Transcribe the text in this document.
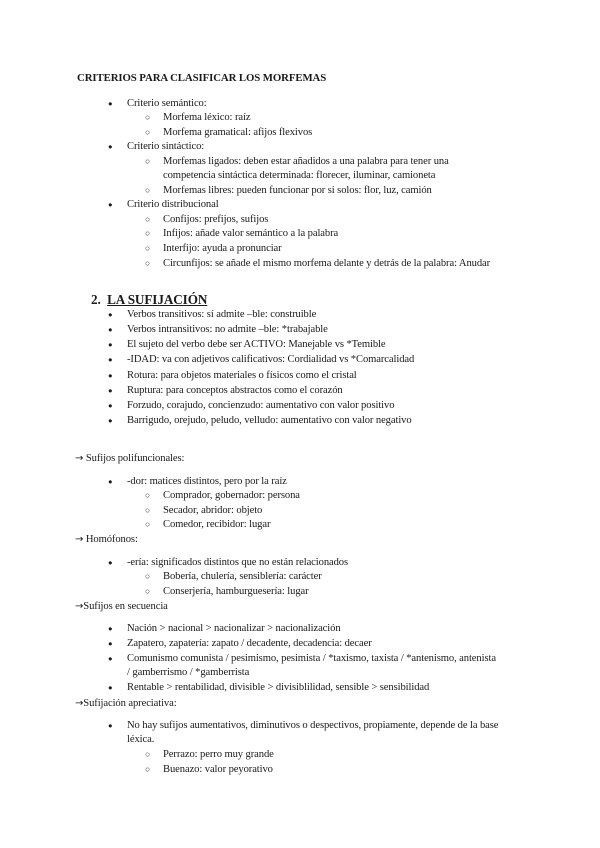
CRITERIOS PARA CLASIFICAR LOS MORFEMAS
● Criterio semántico:
○ Morfema léxico: raíz
○ Morfema gramatical: afijos flexivos
● Criterio sintáctico:
○ Morfemas ligados: deben estar añadidos a una palabra para tener una
competencia sintáctica determinada: florecer, iluminar, camioneta
○ Morfemas libres: pueden funcionar por si solos: flor, luz, camión
● Criterio distribucional
○ Confijos: prefijos, sufijos
○ Infijos: añade valor semántico a la palabra
○ Interfijo: ayuda a pronunciar
○ Circunfijos: se añade el mismo morfema delante y detrás de la palabra: Anudar
2. LA SUFIJACIÓN
● Verbos transitivos: sí admite –ble: construible
● Verbos intransitivos: no admite –ble: *trabajable
● El sujeto del verbo debe ser ACTIVO: Manejable vs *Temible
● -IDAD: va con adjetivos calificativos: Cordialidad vs *Comarcalidad
● Rotura: para objetos materiales o físicos como el cristal
● Ruptura: para conceptos abstractos como el corazón
● Forzudo, corajudo, concienzudo: aumentativo con valor positivo
● Barrigudo, orejudo, peludo, velludo: aumentativo con valor negativo
→ Sufijos polifuncionales:
● -dor: matices distintos, pero por la raíz
○ Comprador, gobernador: persona
○ Secador, abridor: objeto
○ Comedor, recibidor: lugar
→ Homófonos:
● -ería: significados distintos que no están relacionados
○ Bobería, chulería, sensiblería: carácter
○ Conserjería, hamburguesería: lugar
→Sufijos en secuencia
● Nación > nacional > nacionalizar > nacionalización
● Zapatero, zapatería: zapato / decadente, decadencia: decaer
● Comunismo comunista / pesimismo, pesimista / *taxismo, taxista / *antenismo, antenista
/ gamberrismo / *gamberrista
● Rentable > rentabilidad, divisible > divisiblilidad, sensible > sensibilidad
→Sufijación apreciativa:
● No hay sufijos aumentativos, diminutivos o despectivos, propiamente, depende de la base
léxica.
○ Perrazo: perro muy grande
○ Buenazo: valor peyorativo
